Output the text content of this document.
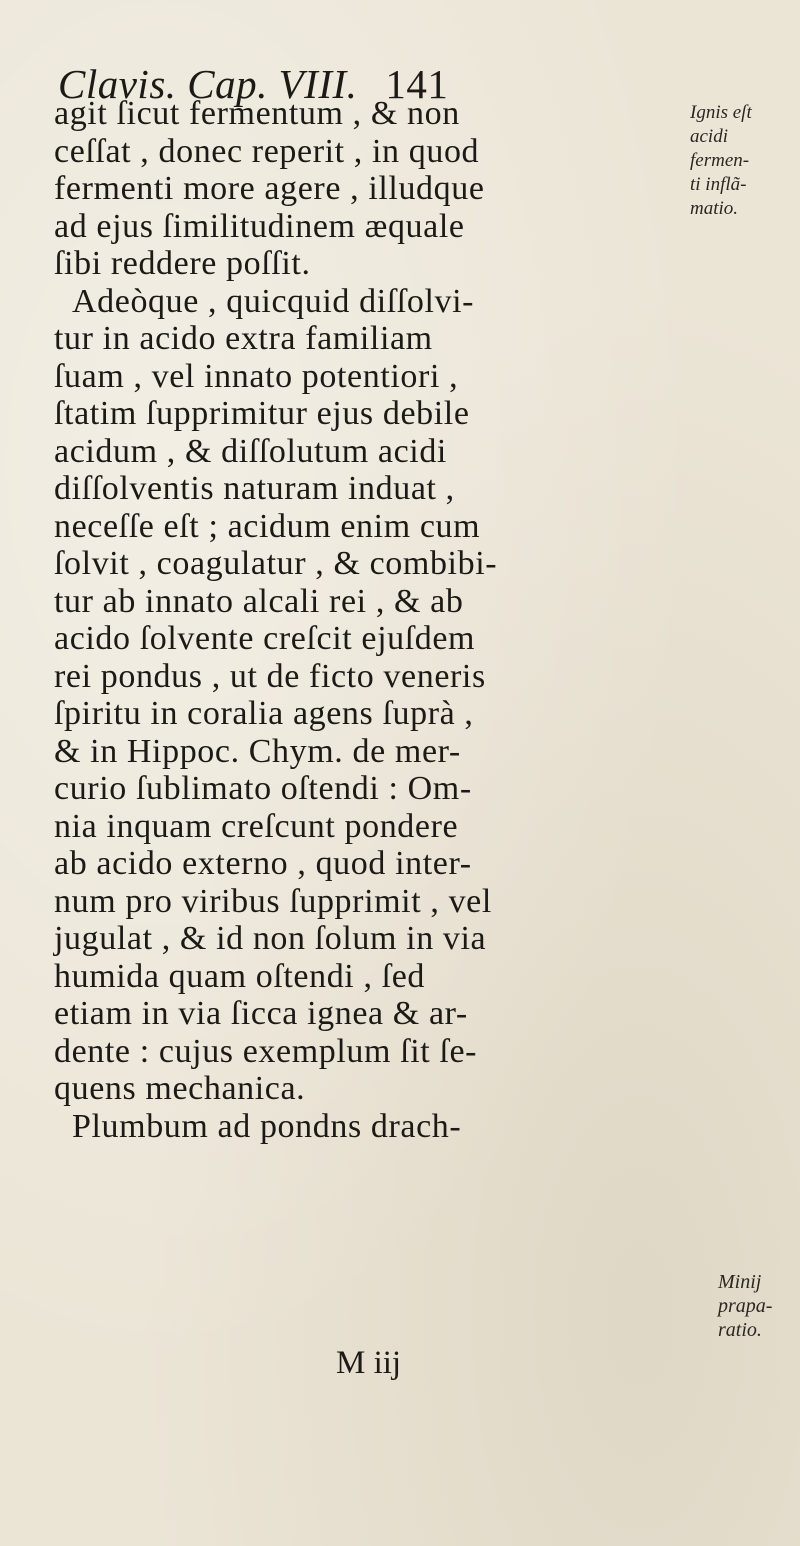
Clavis. Cap. VIII. 141
agit ſicut fermentum , & non
ceſſat , donec reperit , in quod
fermenti more agere , illudque
ad ejus ſimilitudinem æquale
ſibi reddere poſſit.
Adeòque , quicquid diſſolvi-
tur in acido extra familiam
ſuam , vel innato potentiori ,
ſtatim ſupprimitur ejus debile
acidum , & diſſolutum acidi
diſſolventis naturam induat ,
neceſſe eſt ; acidum enim cum
ſolvit , coagulatur , & combibi-
tur ab innato alcali rei , & ab
acido ſolvente creſcit ejuſdem
rei pondus , ut de ficto veneris
ſpiritu in coralia agens ſuprà ,
& in Hippoc. Chym. de mer-
curio ſublimato oſtendi : Om-
nia inquam creſcunt pondere
ab acido externo , quod inter-
num pro viribus ſupprimit , vel
jugulat , & id non ſolum in via
humida quam oſtendi , ſed
etiam in via ſicca ignea & ar-
dente : cujus exemplum ſit ſe-
quens mechanica.
Plumbum ad pondns drach-
M iij
Ignis eſt
acidi
fermen-
ti inflã-
matio.
Minij
prapa-
ratio.
